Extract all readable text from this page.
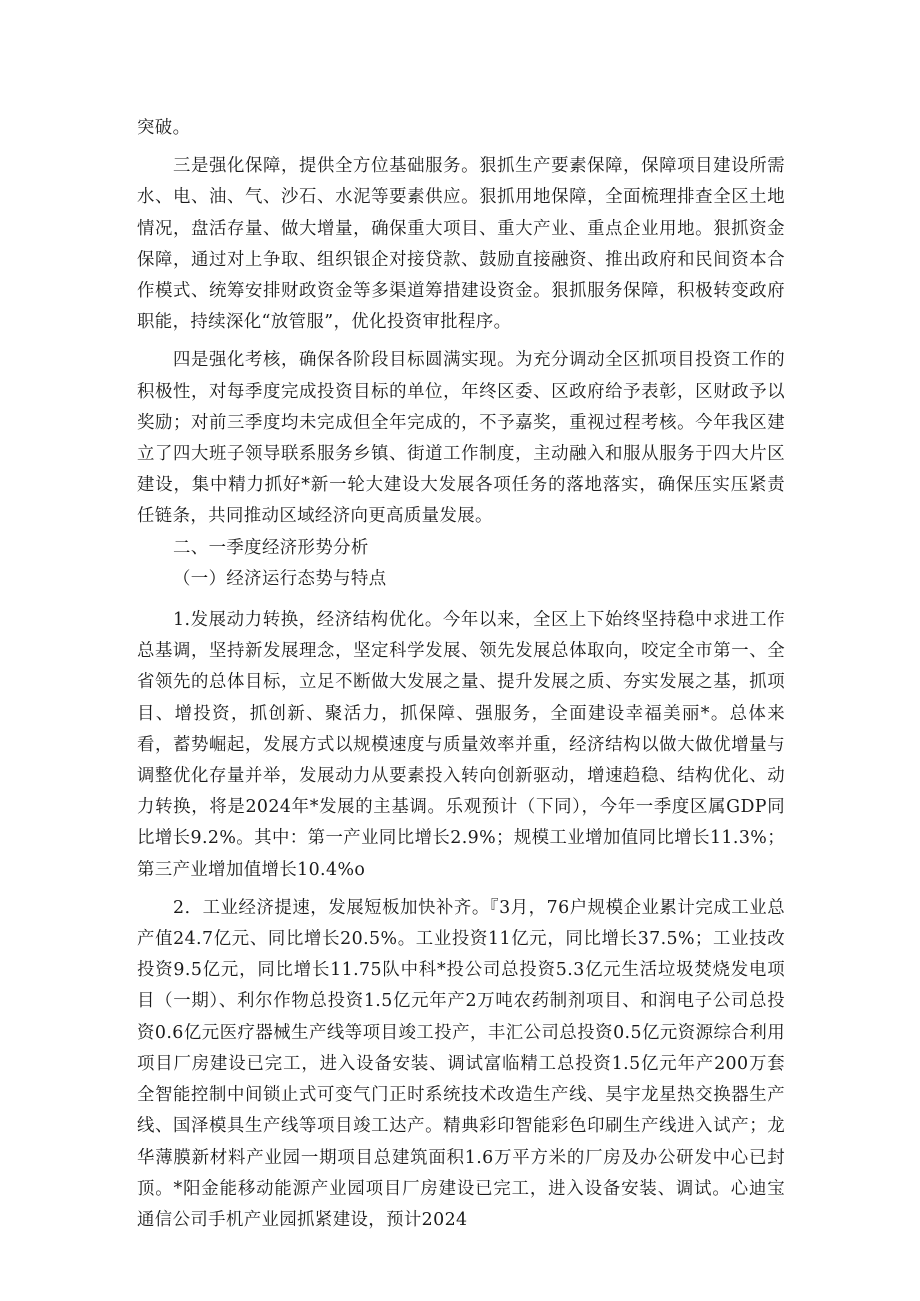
突破。

三是强化保障，提供全方位基础服务。狠抓生产要素保障，保障项目建设所需水、电、油、气、沙石、水泥等要素供应。狠抓用地保障，全面梳理排查全区土地情况，盘活存量、做大增量，确保重大项目、重大产业、重点企业用地。狠抓资金保障，通过对上争取、组织银企对接贷款、鼓励直接融资、推出政府和民间资本合作模式、统筹安排财政资金等多渠道筹措建设资金。狠抓服务保障，积极转变政府职能，持续深化“放管服”，优化投资审批程序。

四是强化考核，确保各阶段目标圆满实现。为充分调动全区抓项目投资工作的积极性，对每季度完成投资目标的单位，年终区委、区政府给予表彰，区财政予以奖励；对前三季度均未完成但全年完成的，不予嘉奖，重视过程考核。今年我区建立了四大班子领导联系服务乡镇、街道工作制度，主动融入和服从服务于四大片区建设，集中精力抓好*新一轮大建设大发展各项任务的落地落实，确保压实压紧责任链条，共同推动区域经济向更高质量发展。

二、一季度经济形势分析

（一）经济运行态势与特点

1.发展动力转换，经济结构优化。今年以来，全区上下始终坚持稳中求进工作总基调，坚持新发展理念，坚定科学发展、领先发展总体取向，咬定全市第一、全省领先的总体目标，立足不断做大发展之量、提升发展之质、夯实发展之基，抓项目、增投资，抓创新、聚活力，抓保障、强服务，全面建设幸福美丽*。总体来看，蓄势崛起，发展方式以规模速度与质量效率并重，经济结构以做大做优增量与调整优化存量并举，发展动力从要素投入转向创新驱动，增速趋稳、结构优化、动力转换，将是2024年*发展的主基调。乐观预计（下同），今年一季度区属GDP同比增长9.2%。其中：第一产业同比增长2.9%；规模工业增加值同比增长11.3%；第三产业增加值增长10.4%o

2．工业经济提速，发展短板加快补齐。『3月，76户规模企业累计完成工业总产值24.7亿元、同比增长20.5%。工业投资11亿元，同比增长37.5%；工业技改投资9.5亿元，同比增长11.75队中科*投公司总投资5.3亿元生活垃圾焚烧发电项目（一期）、利尔作物总投资1.5亿元年产2万吨农药制剂项目、和润电子公司总投资0.6亿元医疗器械生产线等项目竣工投产，丰汇公司总投资0.5亿元资源综合利用项目厂房建设已完工，进入设备安装、调试富临精工总投资1.5亿元年产200万套全智能控制中间锁止式可变气门正时系统技术改造生产线、昊宇龙星热交换器生产线、国泽模具生产线等项目竣工达产。精典彩印智能彩色印刷生产线进入试产；龙华薄膜新材料产业园一期项目总建筑面积1.6万平方米的厂房及办公研发中心已封顶。*阳金能移动能源产业园项目厂房建设已完工，进入设备安装、调试。心迪宝通信公司手机产业园抓紧建设，预计2024
